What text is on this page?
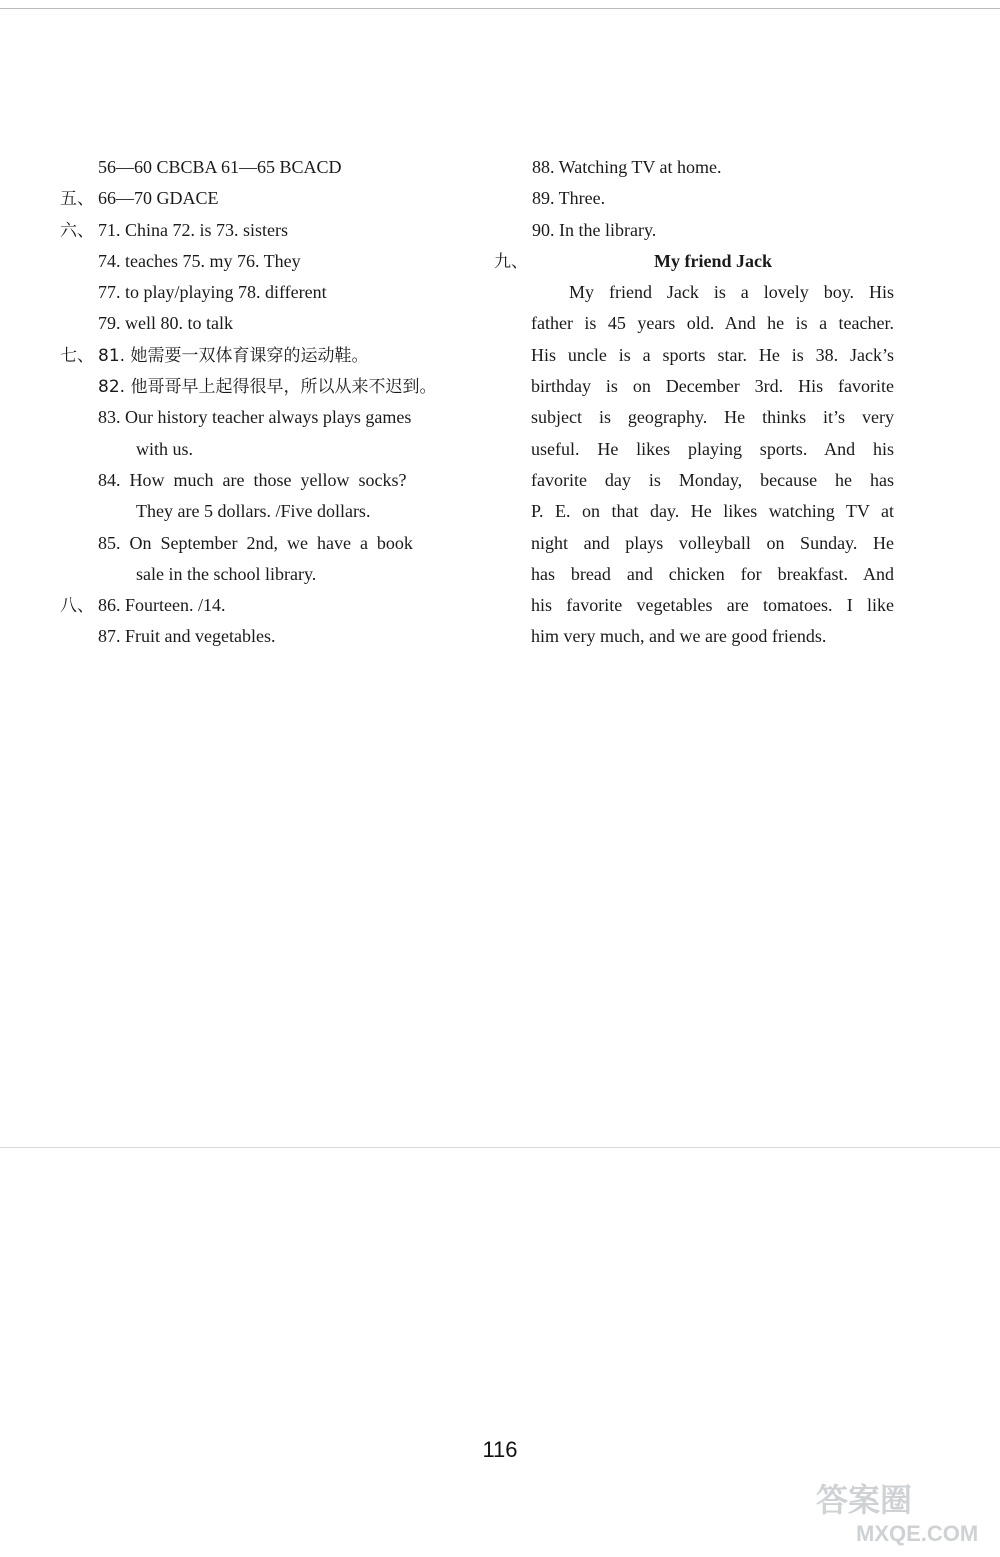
56—60 CBCBA 61—65 BCACD
五、 66—70 GDACE
六、 71. China 72. is 73. sisters
74. teaches 75. my 76. They
77. to play/playing 78. different
79. well 80. to talk
七、 81. 她需要一双体育课穿的运动鞋。
82. 他哥哥早上起得很早，所以从来不迟到。
83. Our history teacher always plays games
with us.
84.  How  much  are  those  yellow  socks?
They are 5 dollars. /Five dollars.
85.  On  September  2nd,  we  have  a  book
sale in the school library.
八、 86. Fourteen. /14.
87. Fruit and vegetables.
88. Watching TV at home.
89. Three.
90. In the library.
九、	My friend Jack
My friend Jack is a lovely boy. His
father is 45 years old. And he is a teacher.
His uncle is a sports star. He is 38. Jack’s
birthday is on December 3rd. His favorite
subject is geography. He thinks it’s very
useful. He likes playing sports. And his
favorite day is Monday, because he has
P. E. on that day. He likes watching TV at
night and plays volleyball on Sunday. He
has bread and chicken for breakfast. And
his favorite vegetables are tomatoes. I like
him very much, and we are good friends.
116
答案圈
MXQE.COM
